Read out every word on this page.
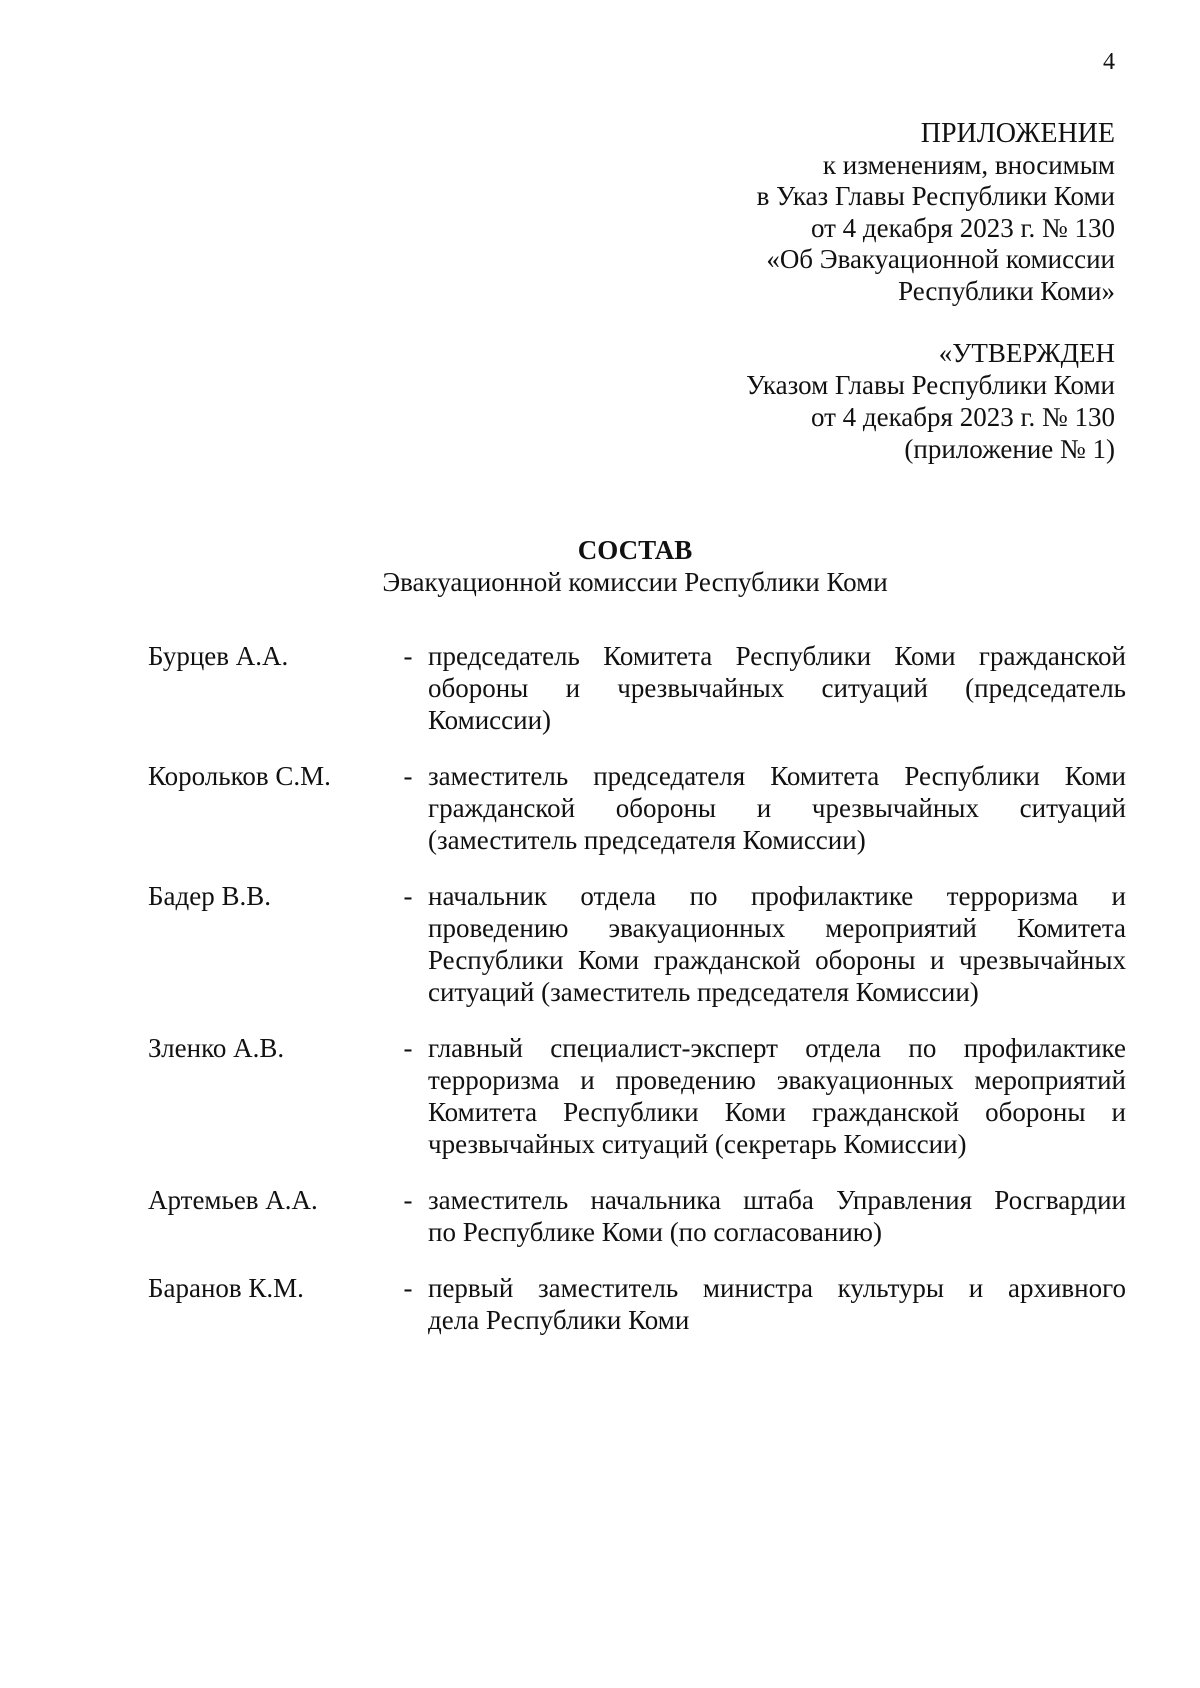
4
ПРИЛОЖЕНИЕ
к изменениям, вносимым
в Указ Главы Республики Коми
от 4 декабря 2023 г. № 130
«Об Эвакуационной комиссии
Республики Коми»
«УТВЕРЖДЕН
Указом Главы Республики Коми
от 4 декабря 2023 г. № 130
(приложение № 1)
СОСТАВ
Эвакуационной комиссии Республики Коми
Бурцев А.А.	- председатель Комитета Республики Коми гражданской
обороны и чрезвычайных ситуаций (председатель
Комиссии)
Корольков С.М.	- заместитель председателя Комитета Республики Коми
гражданской обороны и чрезвычайных ситуаций
(заместитель председателя Комиссии)
Бадер В.В.	- начальник отдела по профилактике терроризма и
проведению эвакуационных мероприятий Комитета
Республики Коми гражданской обороны и чрезвычайных
ситуаций (заместитель председателя Комиссии)
Зленко А.В.	- главный специалист-эксперт отдела по профилактике
терроризма и проведению эвакуационных мероприятий
Комитета Республики Коми гражданской обороны и
чрезвычайных ситуаций (секретарь Комиссии)
Артемьев А.А.	- заместитель начальника штаба Управления Росгвардии
по Республике Коми (по согласованию)
Баранов К.М.	- первый заместитель министра культуры и архивного
дела Республики Коми
